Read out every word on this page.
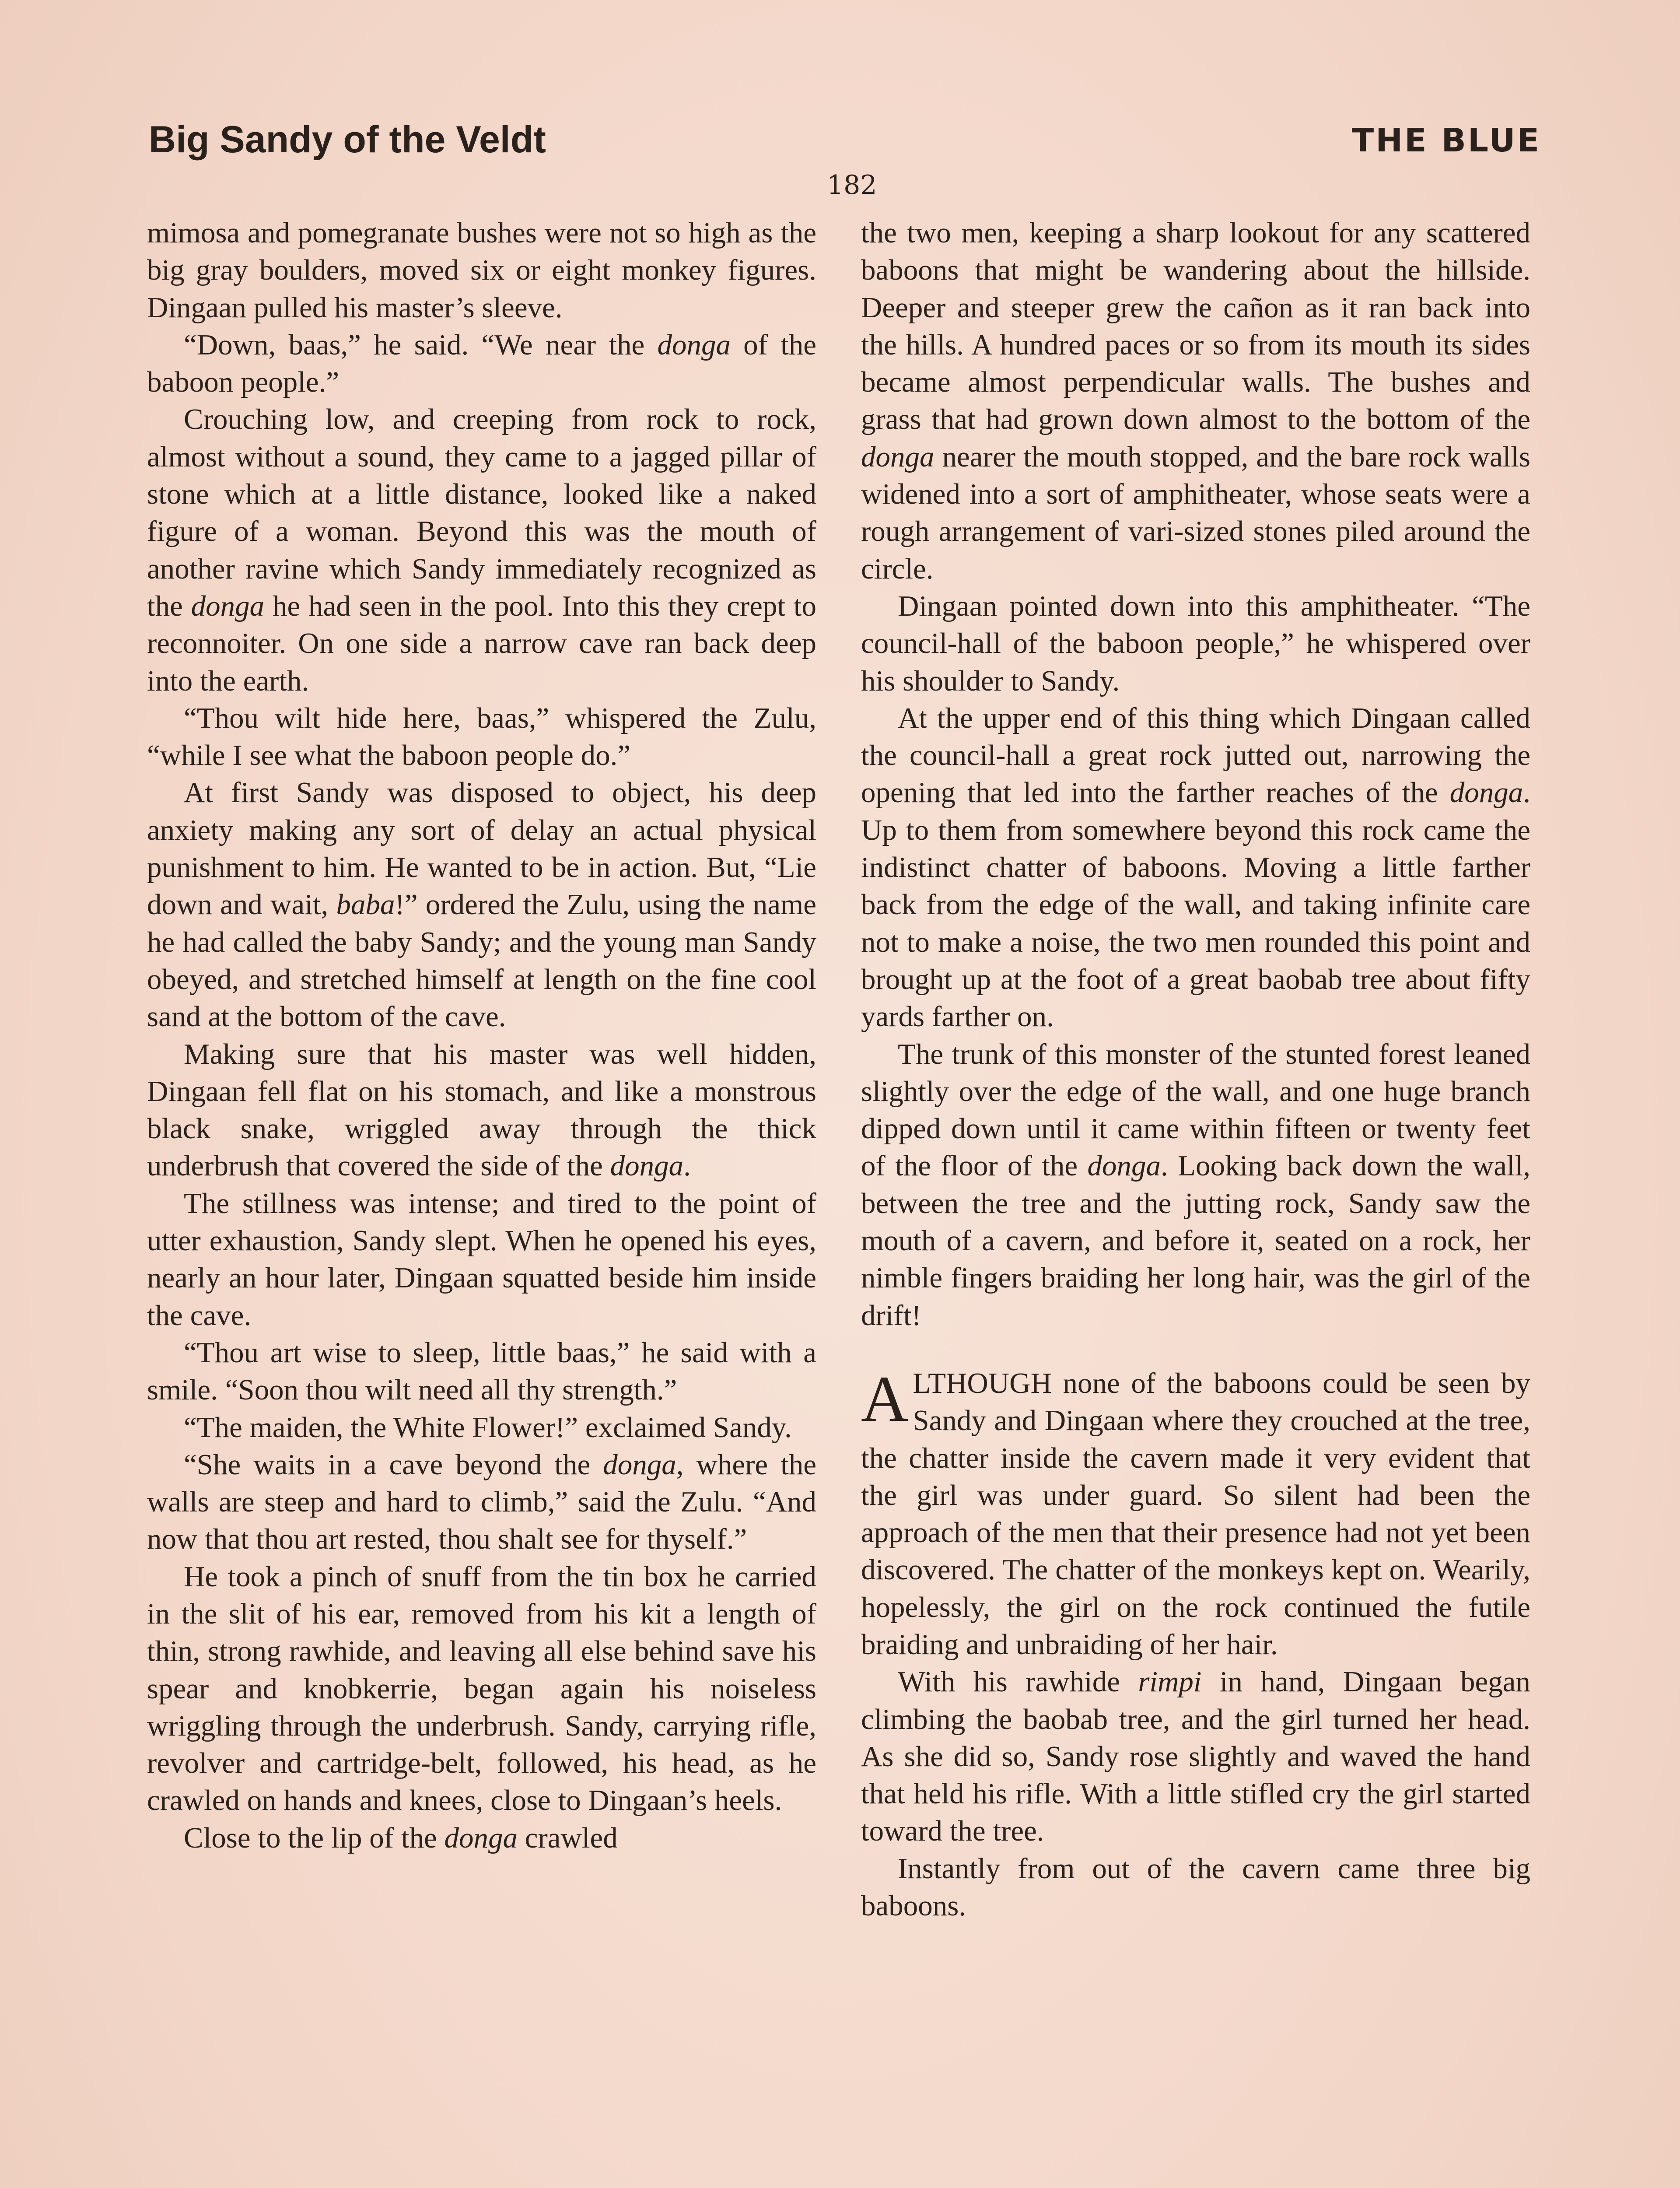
Big Sandy of the Veldt	THE BLUE
182

mimosa and pomegranate bushes were not so high as the big gray boulders, moved six or eight monkey figures. Dingaan pulled his master’s sleeve.

“Down, baas,” he said. “We near the donga of the baboon people.”

Crouching low, and creeping from rock to rock, almost without a sound, they came to a jagged pillar of stone which at a little distance, looked like a naked figure of a woman. Beyond this was the mouth of another ravine which Sandy immediately recognized as the donga he had seen in the pool. Into this they crept to reconnoiter. On one side a narrow cave ran back deep into the earth.

“Thou wilt hide here, baas,” whispered the Zulu, “while I see what the baboon people do.”

At first Sandy was disposed to object, his deep anxiety making any sort of delay an actual physical punishment to him. He wanted to be in action. But, “Lie down and wait, baba!” ordered the Zulu, using the name he had called the baby Sandy; and the young man Sandy obeyed, and stretched himself at length on the fine cool sand at the bottom of the cave.

Making sure that his master was well hidden, Dingaan fell flat on his stomach, and like a monstrous black snake, wriggled away through the thick underbrush that covered the side of the donga.

The stillness was intense; and tired to the point of utter exhaustion, Sandy slept. When he opened his eyes, nearly an hour later, Dingaan squatted beside him inside the cave.

“Thou art wise to sleep, little baas,” he said with a smile. “Soon thou wilt need all thy strength.”

“The maiden, the White Flower!” exclaimed Sandy.

“She waits in a cave beyond the donga, where the walls are steep and hard to climb,” said the Zulu. “And now that thou art rested, thou shalt see for thyself.”

He took a pinch of snuff from the tin box he carried in the slit of his ear, removed from his kit a length of thin, strong rawhide, and leaving all else behind save his spear and knobkerrie, began again his noiseless wriggling through the underbrush. Sandy, carrying rifle, revolver and cartridge-belt, followed, his head, as he crawled on hands and knees, close to Dingaan’s heels.

Close to the lip of the donga crawled

the two men, keeping a sharp lookout for any scattered baboons that might be wandering about the hillside. Deeper and steeper grew the cañon as it ran back into the hills. A hundred paces or so from its mouth its sides became almost perpendicular walls. The bushes and grass that had grown down almost to the bottom of the donga nearer the mouth stopped, and the bare rock walls widened into a sort of amphitheater, whose seats were a rough arrangement of vari-sized stones piled around the circle.

Dingaan pointed down into this amphitheater. “The council-hall of the baboon people,” he whispered over his shoulder to Sandy.

At the upper end of this thing which Dingaan called the council-hall a great rock jutted out, narrowing the opening that led into the farther reaches of the donga. Up to them from somewhere beyond this rock came the indistinct chatter of baboons. Moving a little farther back from the edge of the wall, and taking infinite care not to make a noise, the two men rounded this point and brought up at the foot of a great baobab tree about fifty yards farther on.

The trunk of this monster of the stunted forest leaned slightly over the edge of the wall, and one huge branch dipped down until it came within fifteen or twenty feet of the floor of the donga. Looking back down the wall, between the tree and the jutting rock, Sandy saw the mouth of a cavern, and before it, seated on a rock, her nimble fingers braiding her long hair, was the girl of the drift!

ALTHOUGH none of the baboons could be seen by Sandy and Dingaan where they crouched at the tree, the chatter inside the cavern made it very evident that the girl was under guard. So silent had been the approach of the men that their presence had not yet been discovered. The chatter of the monkeys kept on. Wearily, hopelessly, the girl on the rock continued the futile braiding and unbraiding of her hair.

With his rawhide rimpi in hand, Dingaan began climbing the baobab tree, and the girl turned her head. As she did so, Sandy rose slightly and waved the hand that held his rifle. With a little stifled cry the girl started toward the tree.

Instantly from out of the cavern came three big baboons.
